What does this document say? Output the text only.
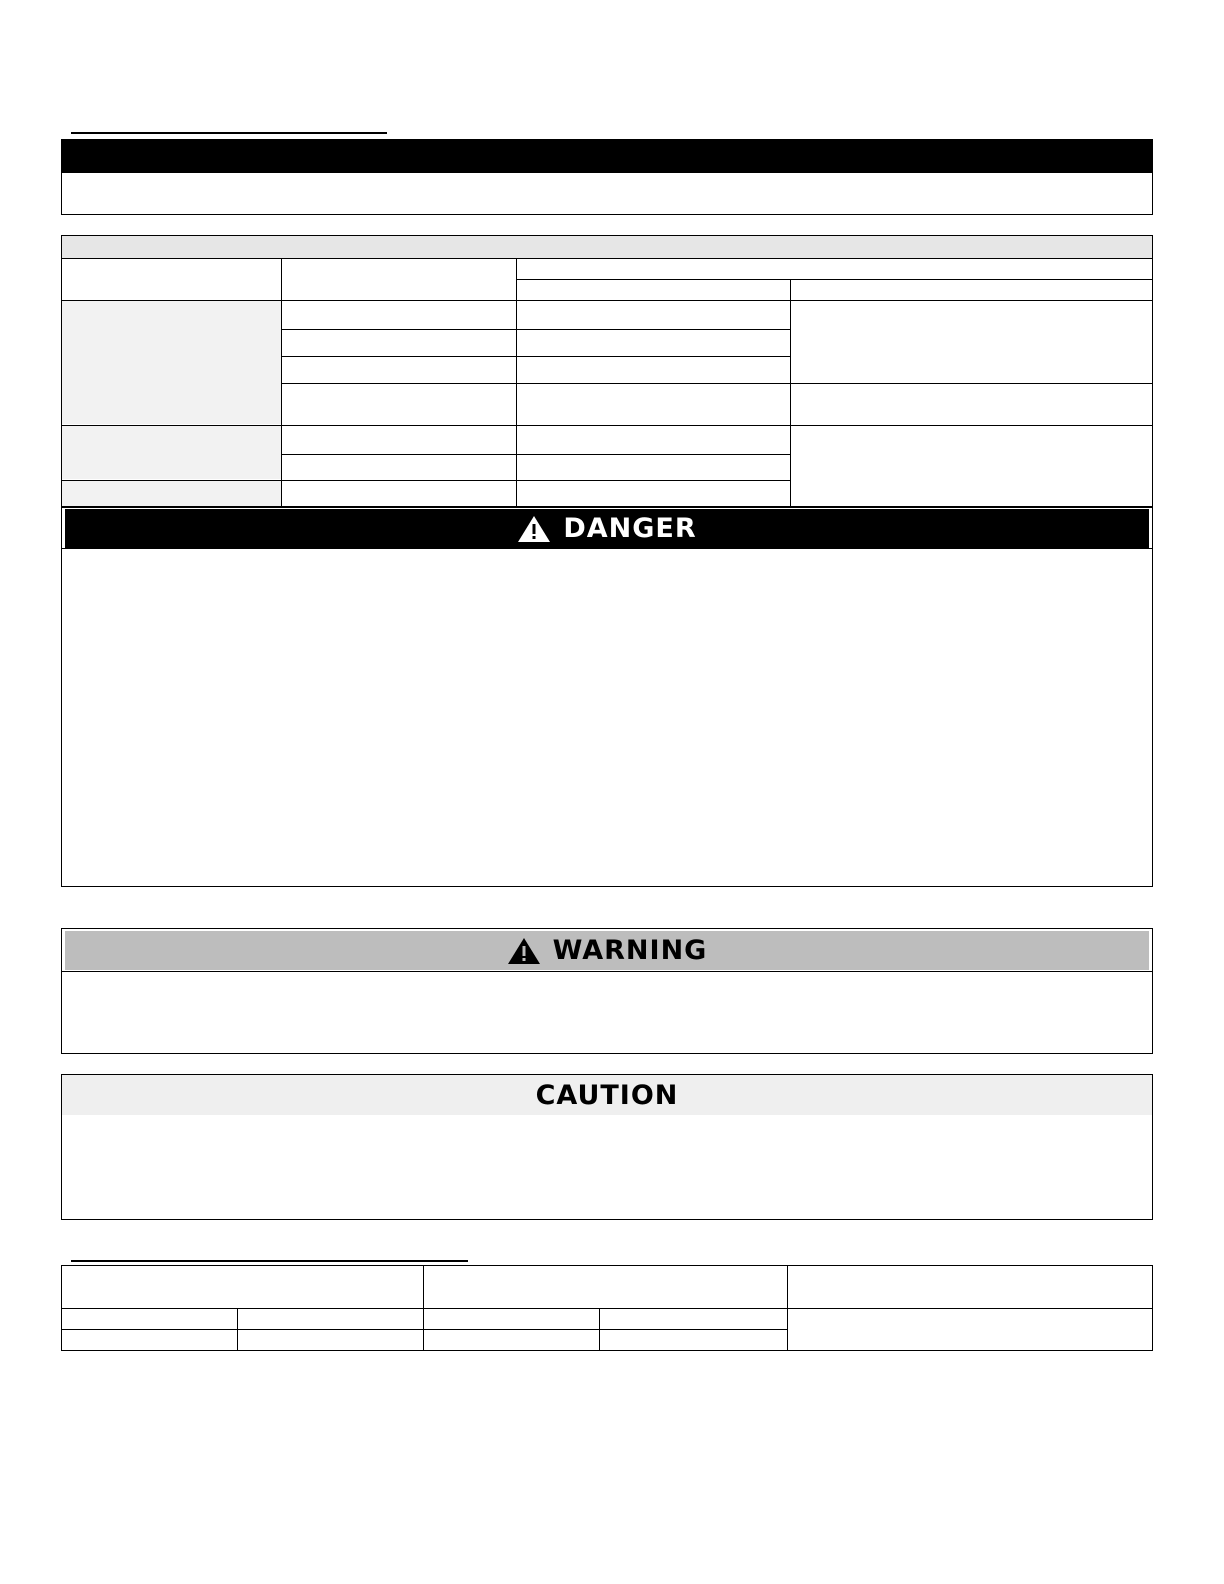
DANGER
WARNING
CAUTION
